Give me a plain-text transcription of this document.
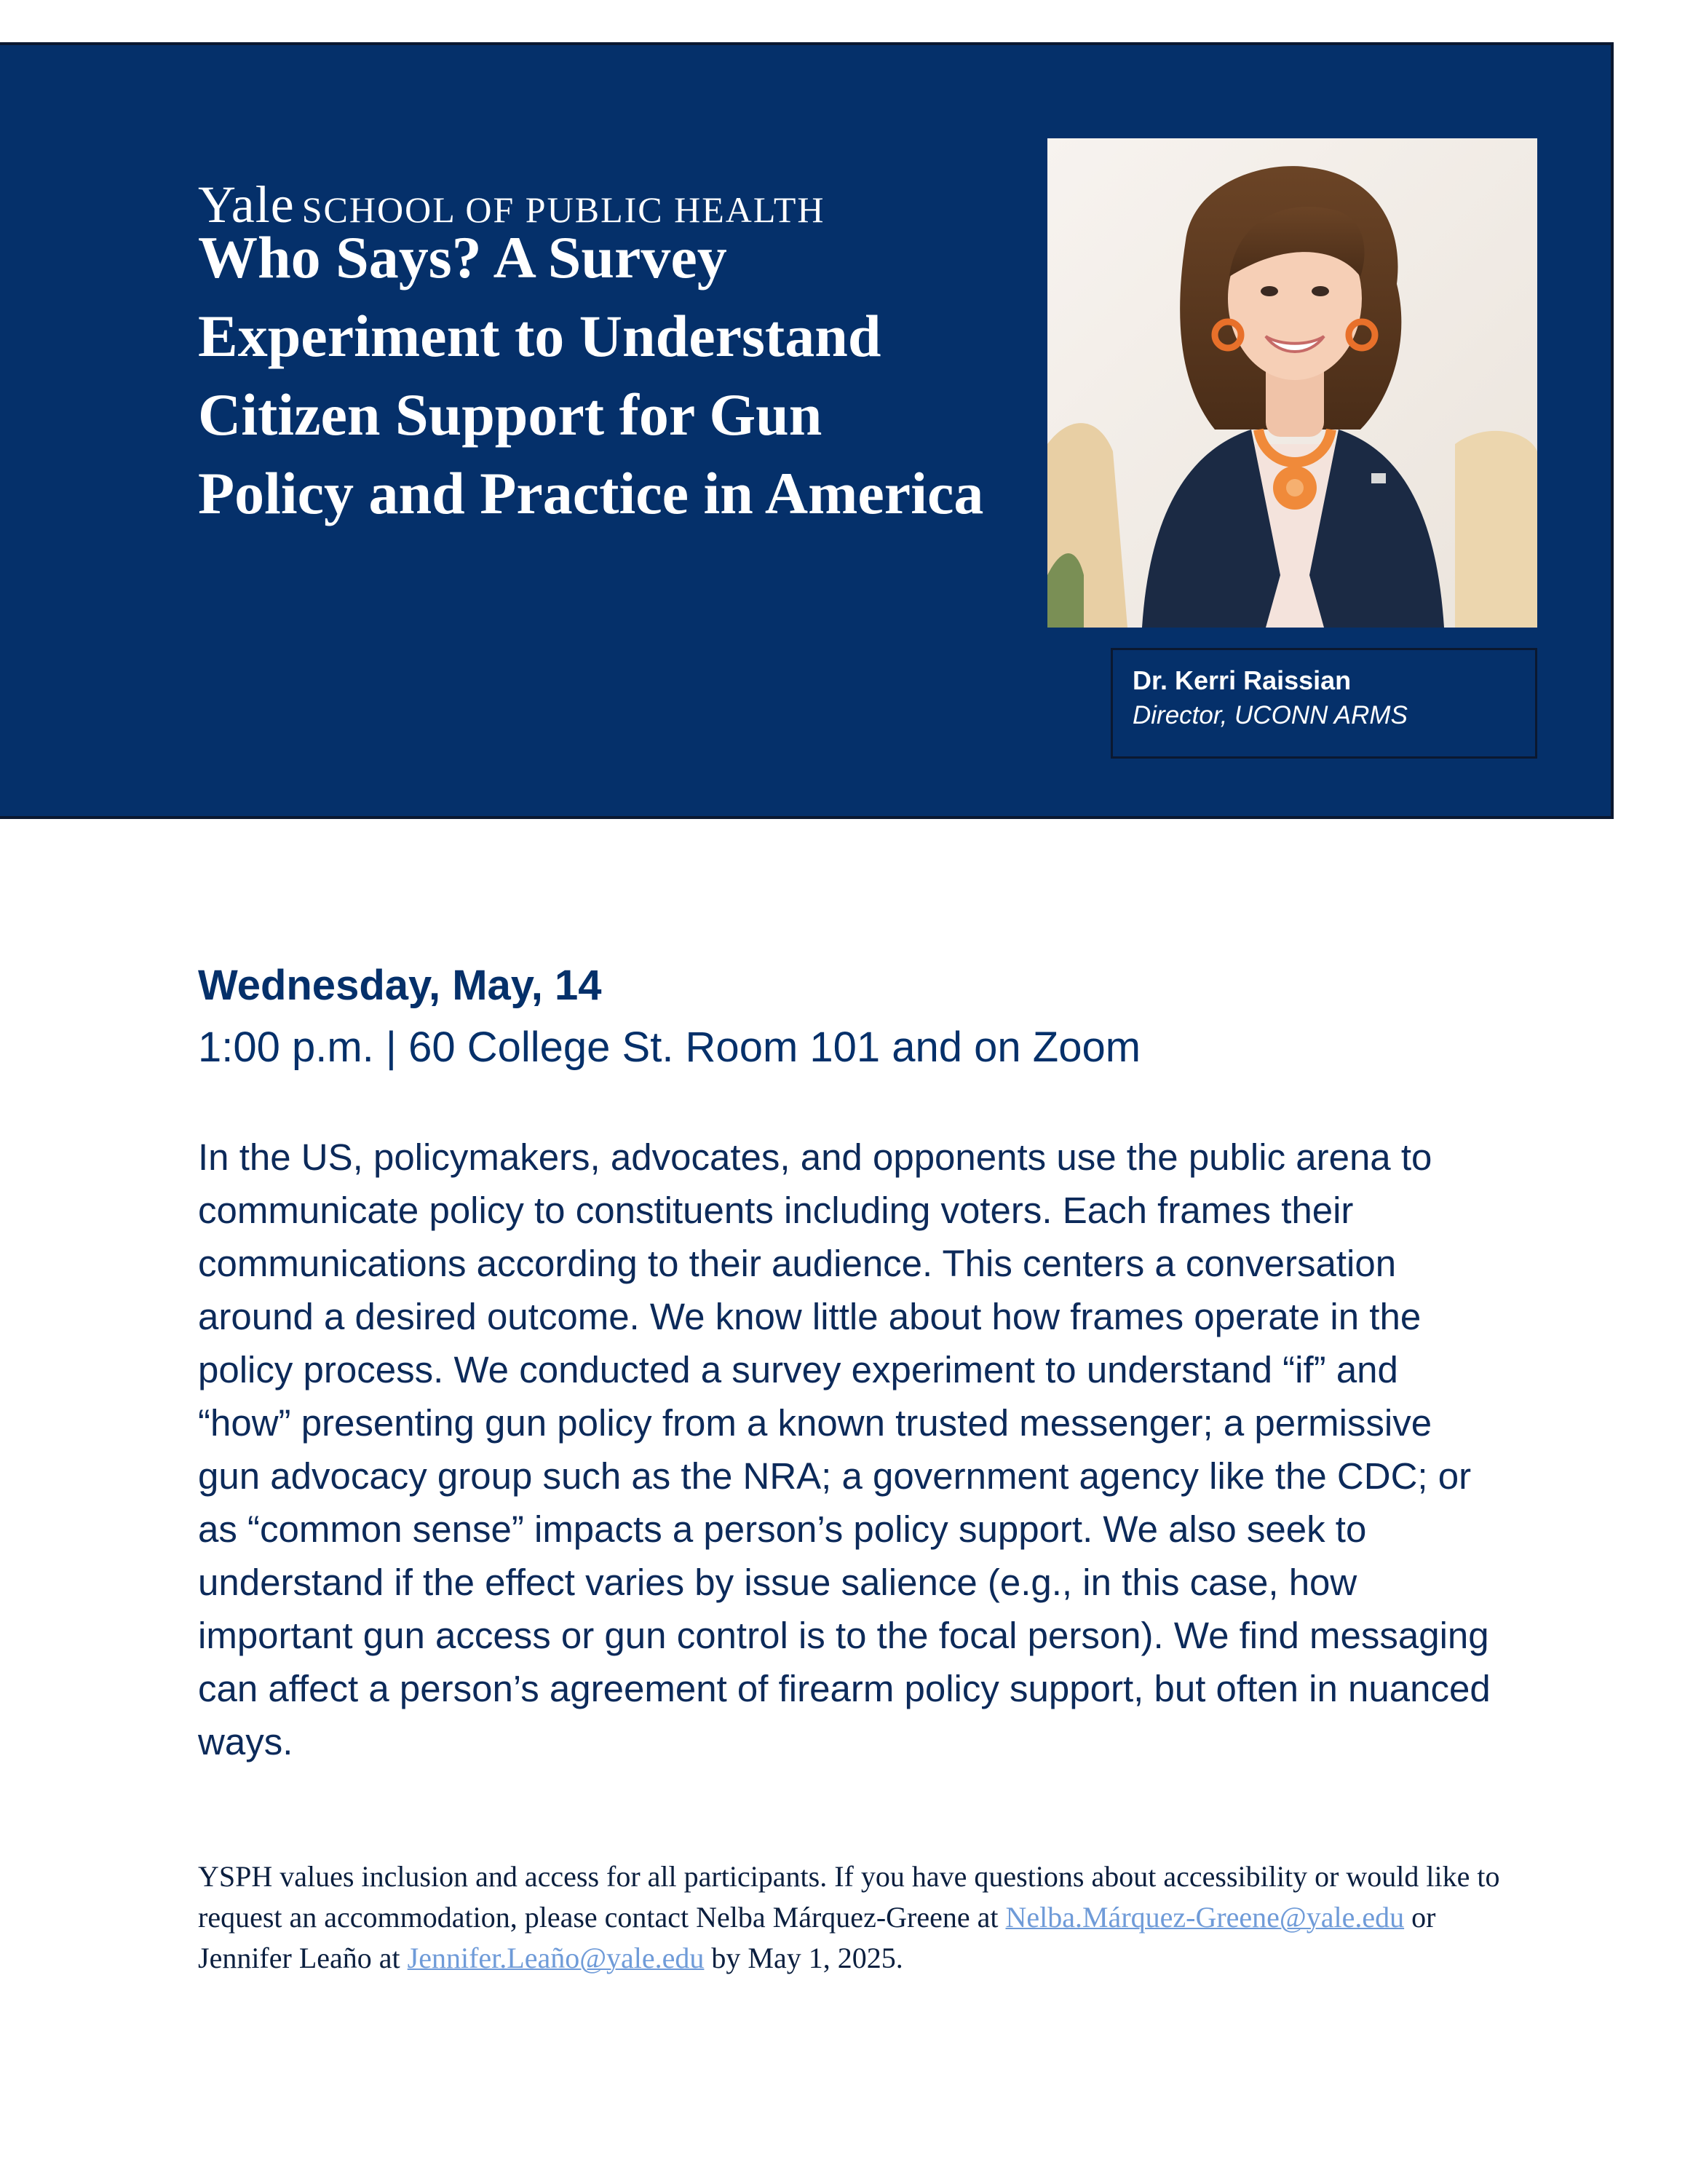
Yale SCHOOL OF PUBLIC HEALTH
Who Says? A Survey
Experiment to Understand
Citizen Support for Gun
Policy and Practice in America
Dr. Kerri Raissian
Director, UCONN ARMS
Wednesday, May, 14
1:00 p.m. | 60 College St. Room 101 and on Zoom

In the US, policymakers, advocates, and opponents use the public arena to communicate policy to constituents including voters. Each frames their communications according to their audience. This centers a conversation around a desired outcome. We know little about how frames operate in the policy process. We conducted a survey experiment to understand “if” and “how” presenting gun policy from a known trusted messenger; a permissive gun advocacy group such as the NRA; a government agency like the CDC; or as “common sense” impacts a person’s policy support. We also seek to understand if the effect varies by issue salience (e.g., in this case, how important gun access or gun control is to the focal person). We find messaging can affect a person’s agreement of firearm policy support, but often in nuanced ways.

YSPH values inclusion and access for all participants. If you have questions about accessibility or would like to request an accommodation, please contact Nelba Márquez-Greene at Nelba.Márquez-Greene@yale.edu or Jennifer Leaño at Jennifer.Leaño@yale.edu by May 1, 2025.
